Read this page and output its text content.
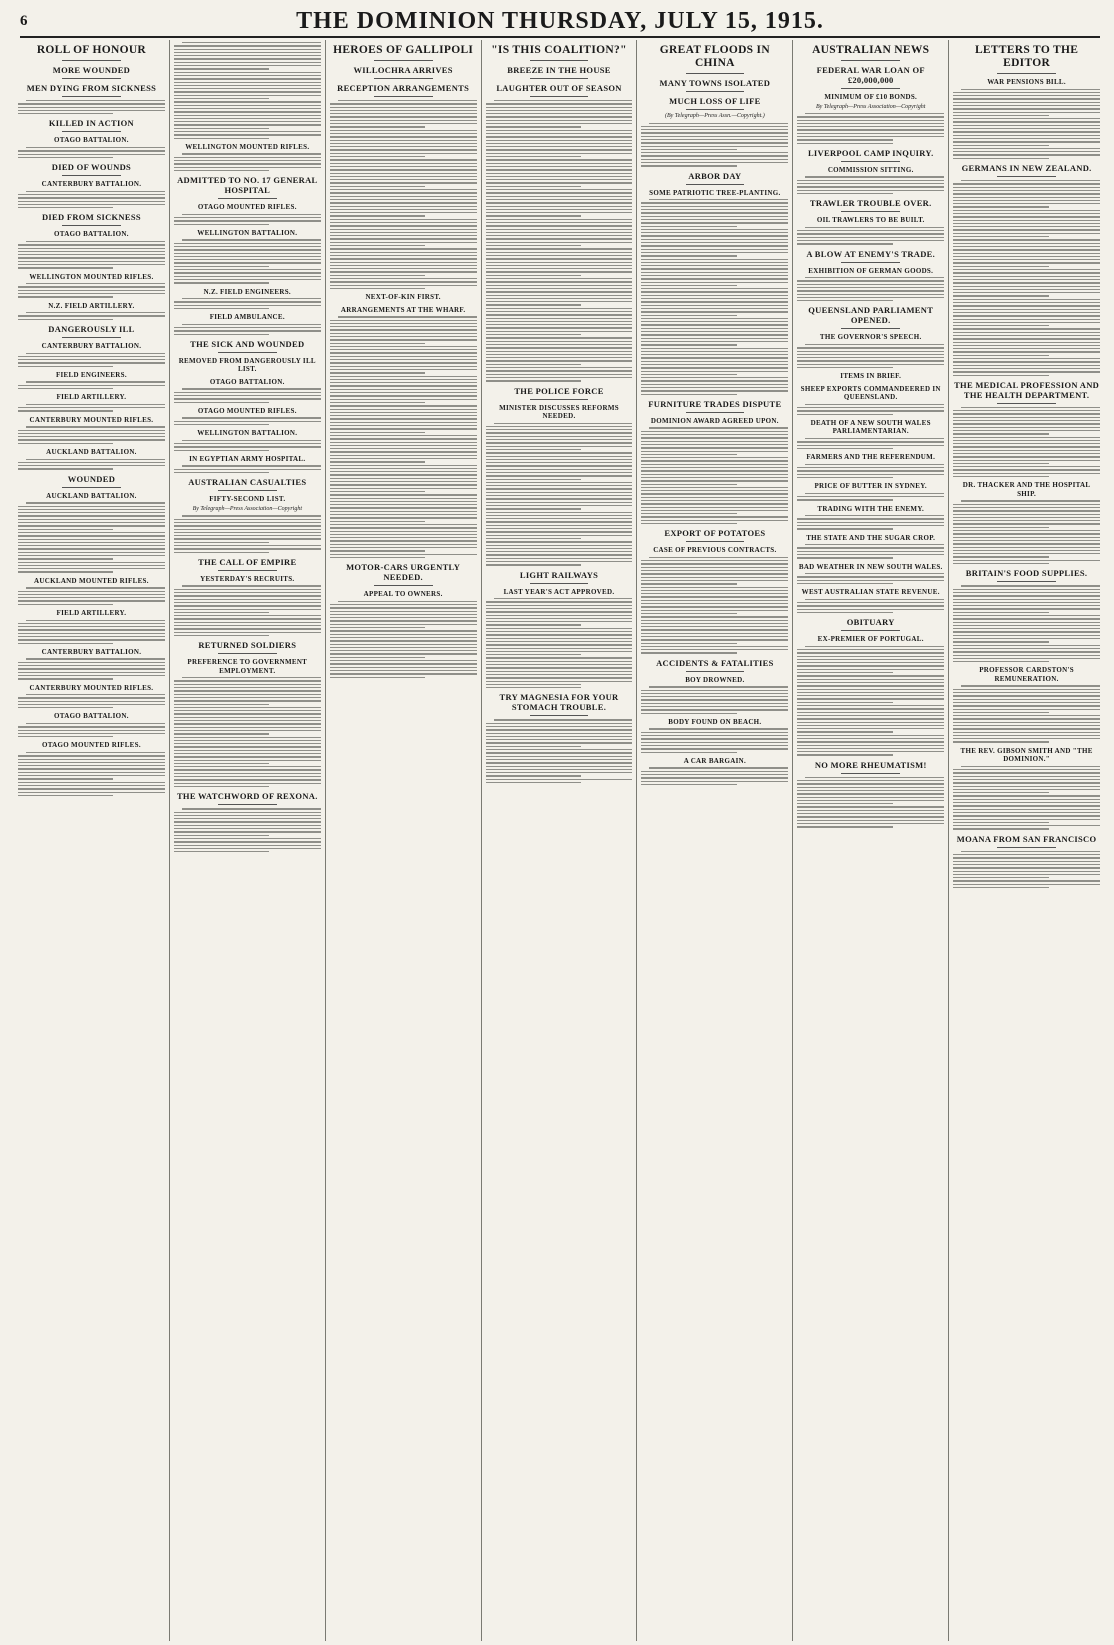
6	THE DOMINION THURSDAY, JULY 15, 1915.
ROLL OF HONOUR
MORE WOUNDED
MEN DYING FROM SICKNESS
KILLED IN ACTION
OTAGO BATTALION.
DIED OF WOUNDS
CANTERBURY BATTALION.
DIED FROM SICKNESS
OTAGO BATTALION.
WELLINGTON MOUNTED RIFLES.
N.Z. FIELD ARTILLERY.
DANGEROUSLY ILL
CANTERBURY BATTALION.
FIELD ENGINEERS.
FIELD ARTILLERY.
CANTERBURY MOUNTED RIFLES.
AUCKLAND BATTALION.
WOUNDED
AUCKLAND BATTALION.
AUCKLAND MOUNTED RIFLES.
FIELD ARTILLERY.
CANTERBURY BATTALION.
CANTERBURY MOUNTED RIFLES.
OTAGO BATTALION.
OTAGO MOUNTED RIFLES.
WELLINGTON MOUNTED RIFLES.
ADMITTED TO NO. 17 GENERAL HOSPITAL
OTAGO MOUNTED RIFLES.
WELLINGTON BATTALION.
N.Z. FIELD ENGINEERS.
FIELD AMBULANCE.
THE SICK AND WOUNDED
REMOVED FROM DANGEROUSLY ILL LIST.
OTAGO BATTALION.
OTAGO MOUNTED RIFLES.
WELLINGTON BATTALION.
IN EGYPTIAN ARMY HOSPITAL.
AUSTRALIAN CASUALTIES
FIFTY-SECOND LIST.
By Telegraph—Press Association—Copyright
THE CALL OF EMPIRE
YESTERDAY'S RECRUITS.
RETURNED SOLDIERS
PREFERENCE TO GOVERNMENT EMPLOYMENT.
THE WATCHWORD OF REXONA.
HEROES OF GALLIPOLI
WILLOCHRA ARRIVES
RECEPTION ARRANGEMENTS
NEXT-OF-KIN FIRST.
ARRANGEMENTS AT THE WHARF.
MOTOR-CARS URGENTLY NEEDED.
APPEAL TO OWNERS.
"IS THIS COALITION?"
BREEZE IN THE HOUSE
LAUGHTER OUT OF SEASON
THE POLICE FORCE
MINISTER DISCUSSES REFORMS NEEDED.
LIGHT RAILWAYS
LAST YEAR'S ACT APPROVED.
TRY MAGNESIA FOR YOUR STOMACH TROUBLE.
GREAT FLOODS IN CHINA
MANY TOWNS ISOLATED
MUCH LOSS OF LIFE
(By Telegraph—Press Assn.—Copyright.)
ARBOR DAY
SOME PATRIOTIC TREE-PLANTING.
FURNITURE TRADES DISPUTE
DOMINION AWARD AGREED UPON.
EXPORT OF POTATOES
CASE OF PREVIOUS CONTRACTS.
ACCIDENTS & FATALITIES
BOY DROWNED.
BODY FOUND ON BEACH.
A CAR BARGAIN.
AUSTRALIAN NEWS
FEDERAL WAR LOAN OF £20,000,000
MINIMUM OF £10 BONDS.
By Telegraph—Press Association—Copyright
LIVERPOOL CAMP INQUIRY.
COMMISSION SITTING.
TRAWLER TROUBLE OVER.
OIL TRAWLERS TO BE BUILT.
A BLOW AT ENEMY'S TRADE.
EXHIBITION OF GERMAN GOODS.
QUEENSLAND PARLIAMENT OPENED.
THE GOVERNOR'S SPEECH.
ITEMS IN BRIEF.
SHEEP EXPORTS COMMANDEERED IN QUEENSLAND.
DEATH OF A NEW SOUTH WALES PARLIAMENTARIAN.
FARMERS AND THE REFERENDUM.
PRICE OF BUTTER IN SYDNEY.
TRADING WITH THE ENEMY.
THE STATE AND THE SUGAR CROP.
BAD WEATHER IN NEW SOUTH WALES.
WEST AUSTRALIAN STATE REVENUE.
OBITUARY
EX-PREMIER OF PORTUGAL.
NO MORE RHEUMATISM!
LETTERS TO THE EDITOR
WAR PENSIONS BILL.
GERMANS IN NEW ZEALAND.
THE MEDICAL PROFESSION AND THE HEALTH DEPARTMENT.
DR. THACKER AND THE HOSPITAL SHIP.
BRITAIN'S FOOD SUPPLIES.
PROFESSOR CARDSTON'S REMUNERATION.
THE REV. GIBSON SMITH AND "THE DOMINION."
MOANA FROM SAN FRANCISCO
